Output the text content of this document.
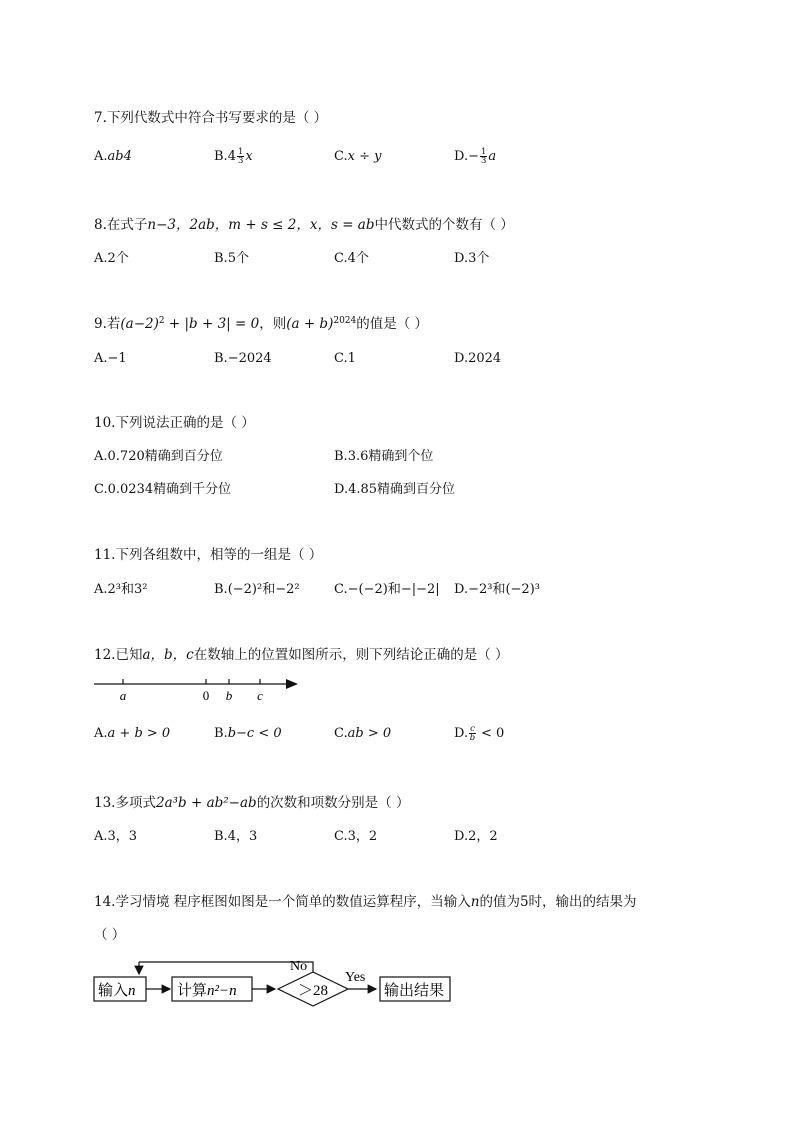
7.下列代数式中符合书写要求的是（ ）
A.ab4	$B.4 \frac{1}{3}$ x	C.x ÷ y	$D.- \frac{1}{3}$ a
8.在式子n−3，2ab，m + s ≤ 2，x，s = ab中代数式的个数有（ ）
A.2个	B.5个	C.4个	D.3个
9.若$(a-2)^2 + |b + 3| = 0$，则$(a + b)^{2024}$的值是（ ）
A.−1	B.−2024	C.1	D.2024
10.下列说法正确的是（ ）
A.0.720精确到百分位	B.3.6精确到个位
C.0.0234精确到千分位	D.4.85精确到百分位
11.下列各组数中，相等的一组是（ ）
A.2³和3²	B.(−2)²和−2²	C.−(−2)和−|−2| D.−2³和(−2)³
12.已知a，b，c在数轴上的位置如图所示，则下列结论正确的是（ ）
a	0 b c
A.a + b > 0	B.b−c < 0	C.ab > 0	D. $\frac{c}{b} < 0$
13.多项式2a³b + ab²−ab的次数和项数分别是（ ）
A.3，3	B.4，3	C.3，2	D.2，2
14.学习情境 程序框图如图是一个简单的数值运算程序，当输入n的值为5时，输出的结果为
（ ）
输入n	计算n²−n	＞28
No
Yes
输出结果
